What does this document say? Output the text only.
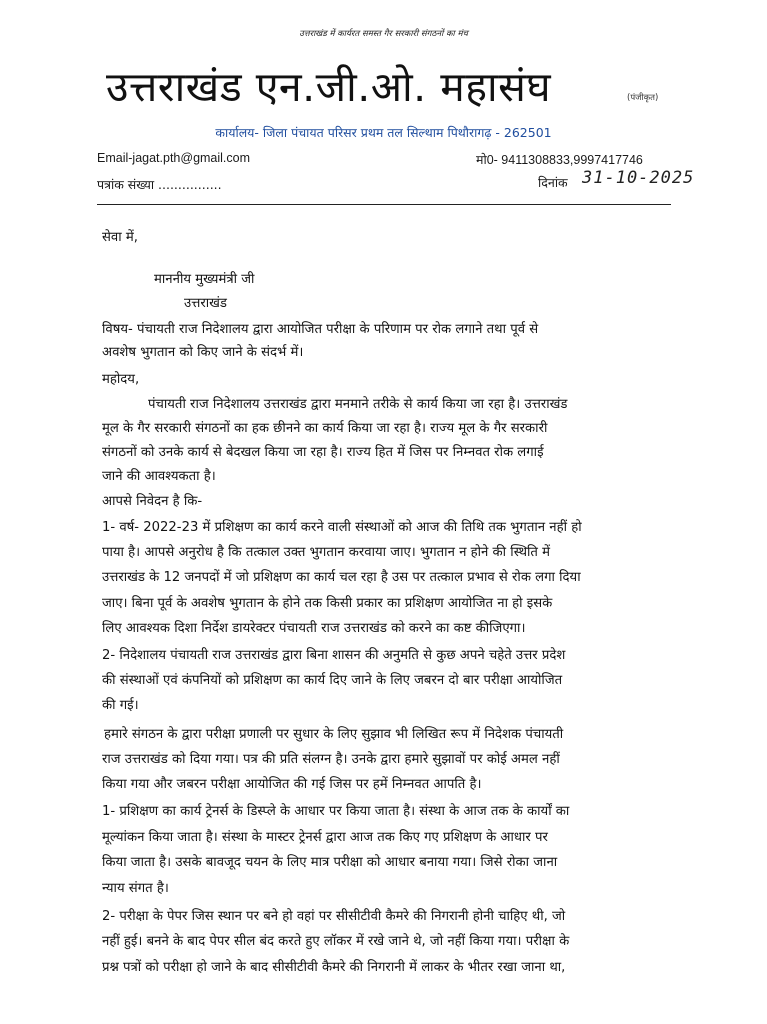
उत्तराखंड में कार्यरत समस्त गैर सरकारी संगठनों का मंच
उत्तराखंड एन.जी.ओ. महासंघ	(पंजीकृत)
कार्यालय- जिला पंचायत परिसर प्रथम तल सिल्थाम पिथौरागढ़ - 262501
Email-jagat.pth@gmail.com	मो0- 9411308833,9997417746
पत्रांक संख्या ................	दिनांक 31-10-2025
सेवा में,
माननीय मुख्यमंत्री जी
उत्तराखंड
विषय- पंचायती राज निदेशालय द्वारा आयोजित परीक्षा के परिणाम पर रोक लगाने तथा पूर्व से
अवशेष भुगतान को किए जाने के संदर्भ में।
महोदय,
पंचायती राज निदेशालय उत्तराखंड द्वारा मनमाने तरीके से कार्य किया जा रहा है। उत्तराखंड
मूल के गैर सरकारी संगठनों का हक छीनने का कार्य किया जा रहा है। राज्य मूल के गैर सरकारी
संगठनों को उनके कार्य से बेदखल किया जा रहा है। राज्य हित में जिस पर निम्नवत रोक लगाई
जाने की आवश्यकता है।
आपसे निवेदन है कि-
1- वर्ष- 2022-23 में प्रशिक्षण का कार्य करने वाली संस्थाओं को आज की तिथि तक भुगतान नहीं हो
पाया है। आपसे अनुरोध है कि तत्काल उक्त भुगतान करवाया जाए। भुगतान न होने की स्थिति में
उत्तराखंड के 12 जनपदों में जो प्रशिक्षण का कार्य चल रहा है उस पर तत्काल प्रभाव से रोक लगा दिया
जाए। बिना पूर्व के अवशेष भुगतान के होने तक किसी प्रकार का प्रशिक्षण आयोजित ना हो इसके
लिए आवश्यक दिशा निर्देश डायरेक्टर पंचायती राज उत्तराखंड को करने का कष्ट कीजिएगा।
2- निदेशालय पंचायती राज उत्तराखंड द्वारा बिना शासन की अनुमति से कुछ अपने चहेते उत्तर प्रदेश
की संस्थाओं एवं कंपनियों को प्रशिक्षण का कार्य दिए जाने के लिए जबरन दो बार परीक्षा आयोजित
की गई।
हमारे संगठन के द्वारा परीक्षा प्रणाली पर सुधार के लिए सुझाव भी लिखित रूप में निदेशक पंचायती
राज उत्तराखंड को दिया गया। पत्र की प्रति संलग्न है। उनके द्वारा हमारे सुझावों पर कोई अमल नहीं
किया गया और जबरन परीक्षा आयोजित की गई जिस पर हमें निम्नवत आपति है।
1- प्रशिक्षण का कार्य ट्रेनर्स के डिस्प्ले के आधार पर किया जाता है। संस्था के आज तक के कार्यों का
मूल्यांकन किया जाता है। संस्था के मास्टर ट्रेनर्स द्वारा आज तक किए गए प्रशिक्षण के आधार पर
किया जाता है। उसके बावजूद चयन के लिए मात्र परीक्षा को आधार बनाया गया। जिसे रोका जाना
न्याय संगत है।
2- परीक्षा के पेपर जिस स्थान पर बने हो वहां पर सीसीटीवी कैमरे की निगरानी होनी चाहिए थी, जो
नहीं हुई। बनने के बाद पेपर सील बंद करते हुए लॉकर में रखे जाने थे, जो नहीं किया गया। परीक्षा के
प्रश्न पत्रों को परीक्षा हो जाने के बाद सीसीटीवी कैमरे की निगरानी में लाकर के भीतर रखा जाना था,
